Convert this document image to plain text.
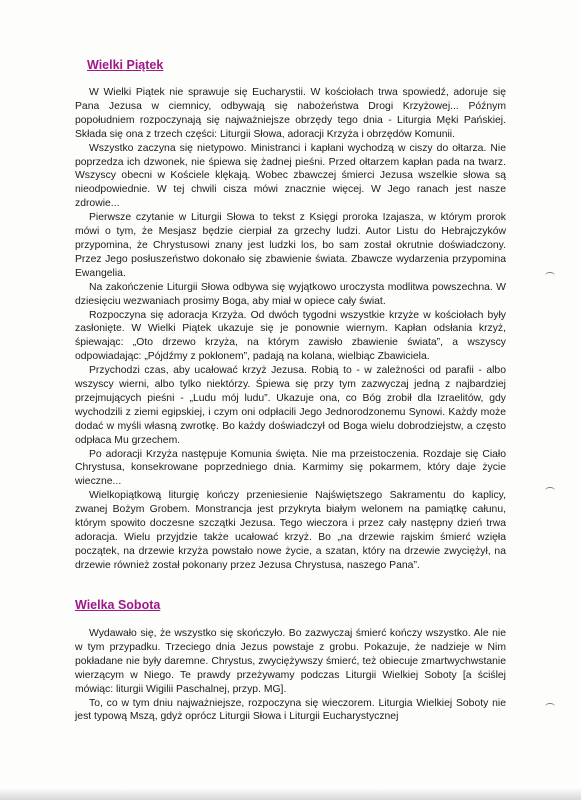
Wielki Piątek

W Wielki Piątek nie sprawuje się Eucharystii. W kościołach trwa spowiedź, adoruje się Pana Jezusa w ciemnicy, odbywają się nabożeństwa Drogi Krzyżowej... Późnym popołudniem rozpoczynają się najważniejsze obrzędy tego dnia - Liturgia Męki Pańskiej. Składa się ona z trzech części: Liturgii Słowa, adoracji Krzyża i obrzędów Komunii.

Wszystko zaczyna się nietypowo. Ministranci i kapłani wychodzą w ciszy do ołtarza. Nie poprzedza ich dzwonek, nie śpiewa się żadnej pieśni. Przed ołtarzem kapłan pada na twarz. Wszyscy obecni w Kościele klękają. Wobec zbawczej śmierci Jezusa wszelkie słowa są nieodpowiednie. W tej chwili cisza mówi znacznie więcej. W Jego ranach jest nasze zdrowie...

Pierwsze czytanie w Liturgii Słowa to tekst z Księgi proroka Izajasza, w którym prorok mówi o tym, że Mesjasz będzie cierpiał za grzechy ludzi. Autor Listu do Hebrajczyków przypomina, że Chrystusowi znany jest ludzki los, bo sam został okrutnie doświadczony. Przez Jego posłuszeństwo dokonało się zbawienie świata. Zbawcze wydarzenia przypomina Ewangelia.

Na zakończenie Liturgii Słowa odbywa się wyjątkowo uroczysta modlitwa powszechna. W dziesięciu wezwaniach prosimy Boga, aby miał w opiece cały świat.

Rozpoczyna się adoracja Krzyża. Od dwóch tygodni wszystkie krzyże w kościołach były zasłonięte. W Wielki Piątek ukazuje się je ponownie wiernym. Kapłan odsłania krzyż, śpiewając: „Oto drzewo krzyża, na którym zawisło zbawienie świata”, a wszyscy odpowiadając: „Pójdźmy z pokłonem”, padają na kolana, wielbiąc Zbawiciela.

Przychodzi czas, aby ucałować krzyż Jezusa. Robią to - w zależności od parafii - albo wszyscy wierni, albo tylko niektórzy. Śpiewa się przy tym zazwyczaj jedną z najbardziej przejmujących pieśni - „Ludu mój ludu”. Ukazuje ona, co Bóg zrobił dla Izraelitów, gdy wychodzili z ziemi egipskiej, i czym oni odpłacili Jego Jednorodzonemu Synowi. Każdy może dodać w myśli własną zwrotkę. Bo każdy doświadczył od Boga wielu dobrodziejstw, a często odpłaca Mu grzechem.

Po adoracji Krzyża następuje Komunia święta. Nie ma przeistoczenia. Rozdaje się Ciało Chrystusa, konsekrowane poprzedniego dnia. Karmimy się pokarmem, który daje życie wieczne...

Wielkopiątkową liturgię kończy przeniesienie Najświętszego Sakramentu do kaplicy, zwanej Bożym Grobem. Monstrancja jest przykryta białym welonem na pamiątkę całunu, którym spowito doczesne szczątki Jezusa. Tego wieczora i przez cały następny dzień trwa adoracja. Wielu przyjdzie także ucałować krzyż. Bo „na drzewie rajskim śmierć wzięła początek, na drzewie krzyża powstało nowe życie, a szatan, który na drzewie zwyciężył, na drzewie również został pokonany przez Jezusa Chrystusa, naszego Pana”.

Wielka Sobota

Wydawało się, że wszystko się skończyło. Bo zazwyczaj śmierć kończy wszystko. Ale nie w tym przypadku. Trzeciego dnia Jezus powstaje z grobu. Pokazuje, że nadzieje w Nim pokładane nie były daremne. Chrystus, zwyciężywszy śmierć, też obiecuje zmartwychwstanie wierzącym w Niego. Te prawdy przeżywamy podczas Liturgii Wielkiej Soboty [a ściślej mówiąc: liturgii Wigilii Paschalnej, przyp. MG].

To, co w tym dniu najważniejsze, rozpoczyna się wieczorem. Liturgia Wielkiej Soboty nie jest typową Mszą, gdyż oprócz Liturgii Słowa i Liturgii Eucharystycznej
